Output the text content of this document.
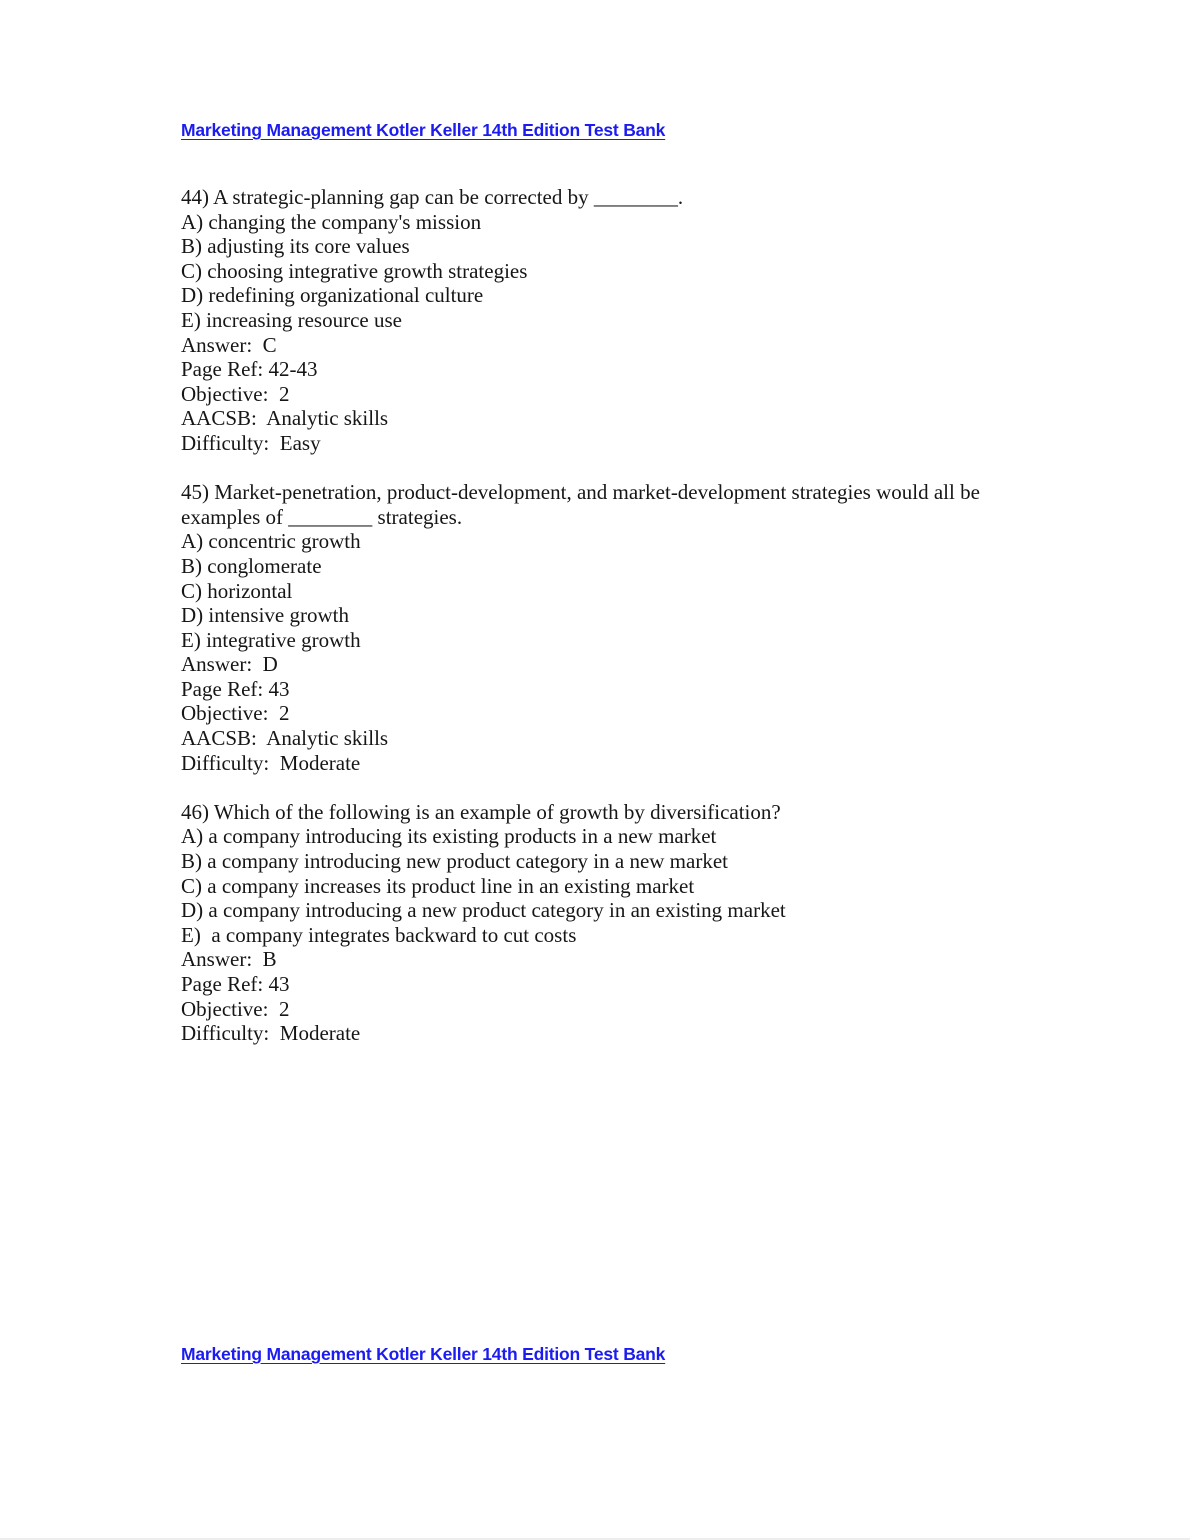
Marketing Management Kotler Keller 14th Edition Test Bank
44) A strategic-planning gap can be corrected by ________.
A) changing the company's mission
B) adjusting its core values
C) choosing integrative growth strategies
D) redefining organizational culture
E) increasing resource use
Answer:  C
Page Ref: 42-43
Objective:  2
AACSB:  Analytic skills
Difficulty:  Easy
45) Market-penetration, product-development, and market-development strategies would all be
examples of ________ strategies.
A) concentric growth
B) conglomerate
C) horizontal
D) intensive growth
E) integrative growth
Answer:  D
Page Ref: 43
Objective:  2
AACSB:  Analytic skills
Difficulty:  Moderate
46) Which of the following is an example of growth by diversification?
A) a company introducing its existing products in a new market
B) a company introducing new product category in a new market
C) a company increases its product line in an existing market
D) a company introducing a new product category in an existing market
E)  a company integrates backward to cut costs
Answer:  B
Page Ref: 43
Objective:  2
Difficulty:  Moderate
Marketing Management Kotler Keller 14th Edition Test Bank
